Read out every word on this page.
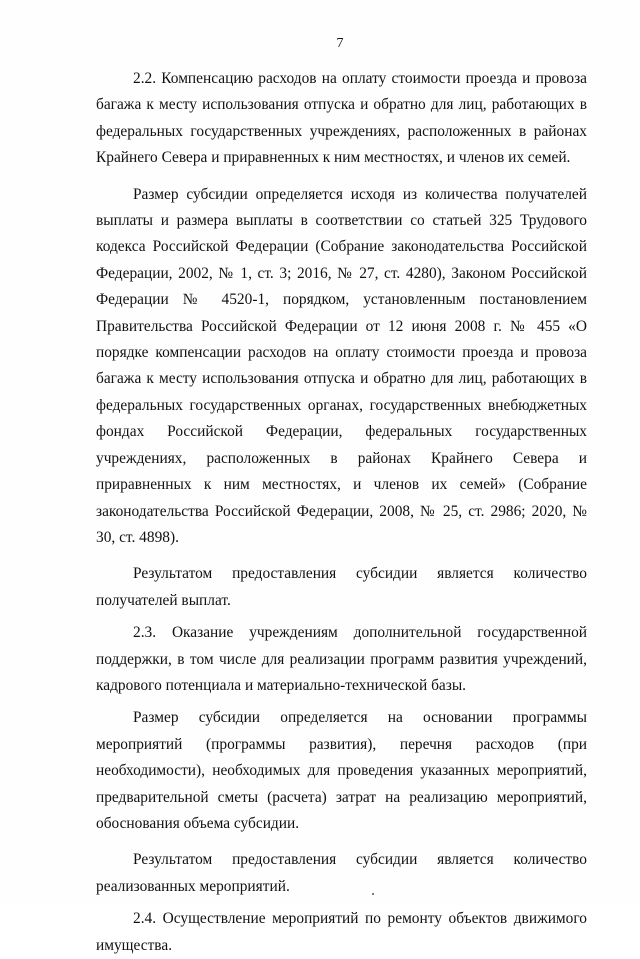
7

2.2. Компенсацию расходов на оплату стоимости проезда и провоза багажа к месту использования отпуска и обратно для лиц, работающих в федеральных государственных учреждениях, расположенных в районах Крайнего Севера и приравненных к ним местностях, и членов их семей.

Размер субсидии определяется исходя из количества получателей выплаты и размера выплаты в соответствии со статьей 325 Трудового кодекса Российской Федерации (Собрание законодательства Российской Федерации, 2002, № 1, ст. 3; 2016, № 27, ст. 4280), Законом Российской Федерации № 4520-1, порядком, установленным постановлением Правительства Российской Федерации от 12 июня 2008 г. № 455 «О порядке компенсации расходов на оплату стоимости проезда и провоза багажа к месту использования отпуска и обратно для лиц, работающих в федеральных государственных органах, государственных внебюджетных фондах Российской Федерации, федеральных государственных учреждениях, расположенных в районах Крайнего Севера и приравненных к ним местностях, и членов их семей» (Собрание законодательства Российской Федерации, 2008, № 25, ст. 2986; 2020, № 30, ст. 4898).

Результатом предоставления субсидии является количество получателей выплат.

2.3. Оказание учреждениям дополнительной государственной поддержки, в том числе для реализации программ развития учреждений, кадрового потенциала и материально-технической базы.

Размер субсидии определяется на основании программы мероприятий (программы развития), перечня расходов (при необходимости), необходимых для проведения указанных мероприятий, предварительной сметы (расчета) затрат на реализацию мероприятий, обоснования объема субсидии.

Результатом предоставления субсидии является количество реализованных мероприятий.

2.4. Осуществление мероприятий по ремонту объектов движимого имущества.
